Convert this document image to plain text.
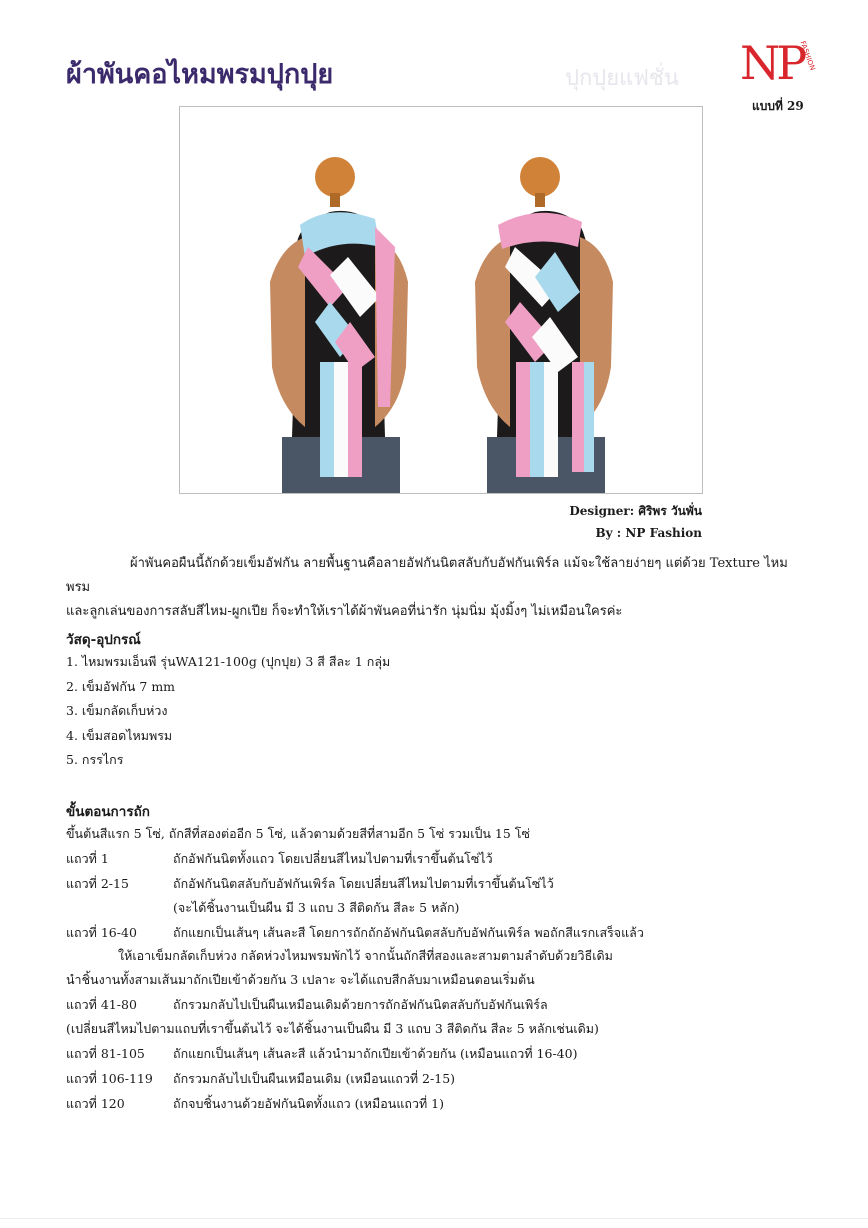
ปุกปุยแฟชั่น
ผ้าพันคอไหมพรมปุกปุย	NP
FASHION
แบบที่ 29
Designer: ศิริพร วันพั่น
By : NP Fashion
ผ้าพันคอผืนนี้ถักด้วยเข็มอัฟกัน ลายพื้นฐานคือลายอัฟกันนิตสลับกับอัฟกันเพิร์ล แม้จะใช้ลายง่ายๆ แต่ด้วย Texture ไหมพรม
และลูกเล่นของการสลับสีไหม-ผูกเปีย ก็จะทำให้เราได้ผ้าพันคอที่น่ารัก นุ่มนิ่ม มุ้งมิ้งๆ ไม่เหมือนใครค่ะ
วัสดุ-อุปกรณ์
1. ไหมพรมเอ็นพี รุ่นWA121-100g (ปุกปุย) 3 สี สีละ 1 กลุ่ม
2. เข็มอัฟกัน 7 mm
3. เข็มกลัดเก็บห่วง
4. เข็มสอดไหมพรม
5. กรรไกร
ขั้นตอนการถัก
ขึ้นต้นสีแรก 5 โซ่, ถักสีที่สองต่ออีก 5 โซ่, แล้วตามด้วยสีที่สามอีก 5 โซ่ รวมเป็น 15 โซ่
แถวที่ 1	ถักอัฟกันนิตทั้งแถว โดยเปลี่ยนสีไหมไปตามที่เราขึ้นต้นโซ่ไว้
แถวที่ 2-15	ถักอัฟกันนิตสลับกับอัฟกันเพิร์ล โดยเปลี่ยนสีไหมไปตามที่เราขึ้นต้นโซ่ไว้
(จะได้ชิ้นงานเป็นผืน มี 3 แถบ 3 สีติดกัน สีละ 5 หลัก)
แถวที่ 16-40	ถักแยกเป็นเส้นๆ เส้นละสี โดยการถักถักอัฟกันนิตสลับกับอัฟกันเพิร์ล พอถักสีแรกเสร็จแล้ว
ให้เอาเข็มกลัดเก็บห่วง กลัดห่วงไหมพรมพักไว้ จากนั้นถักสีที่สองและสามตามลำดับด้วยวิธีเดิม
นำชิ้นงานทั้งสามเส้นมาถักเปียเข้าด้วยกัน 3 เปลาะ จะได้แถบสีกลับมาเหมือนตอนเริ่มต้น
แถวที่ 41-80	ถักรวมกลับไปเป็นผืนเหมือนเดิมด้วยการถักอัฟกันนิตสลับกับอัฟกันเพิร์ล
(เปลี่ยนสีไหมไปตามแถบที่เราขึ้นต้นไว้ จะได้ชิ้นงานเป็นผืน มี 3 แถบ 3 สีติดกัน สีละ 5 หลักเช่นเดิม)
แถวที่ 81-105 ถักแยกเป็นเส้นๆ เส้นละสี แล้วนำมาถักเปียเข้าด้วยกัน (เหมือนแถวที่ 16-40)
แถวที่ 106-119 ถักรวมกลับไปเป็นผืนเหมือนเดิม (เหมือนแถวที่ 2-15)
แถวที่ 120	ถักจบชิ้นงานด้วยอัฟกันนิตทั้งแถว (เหมือนแถวที่ 1)
